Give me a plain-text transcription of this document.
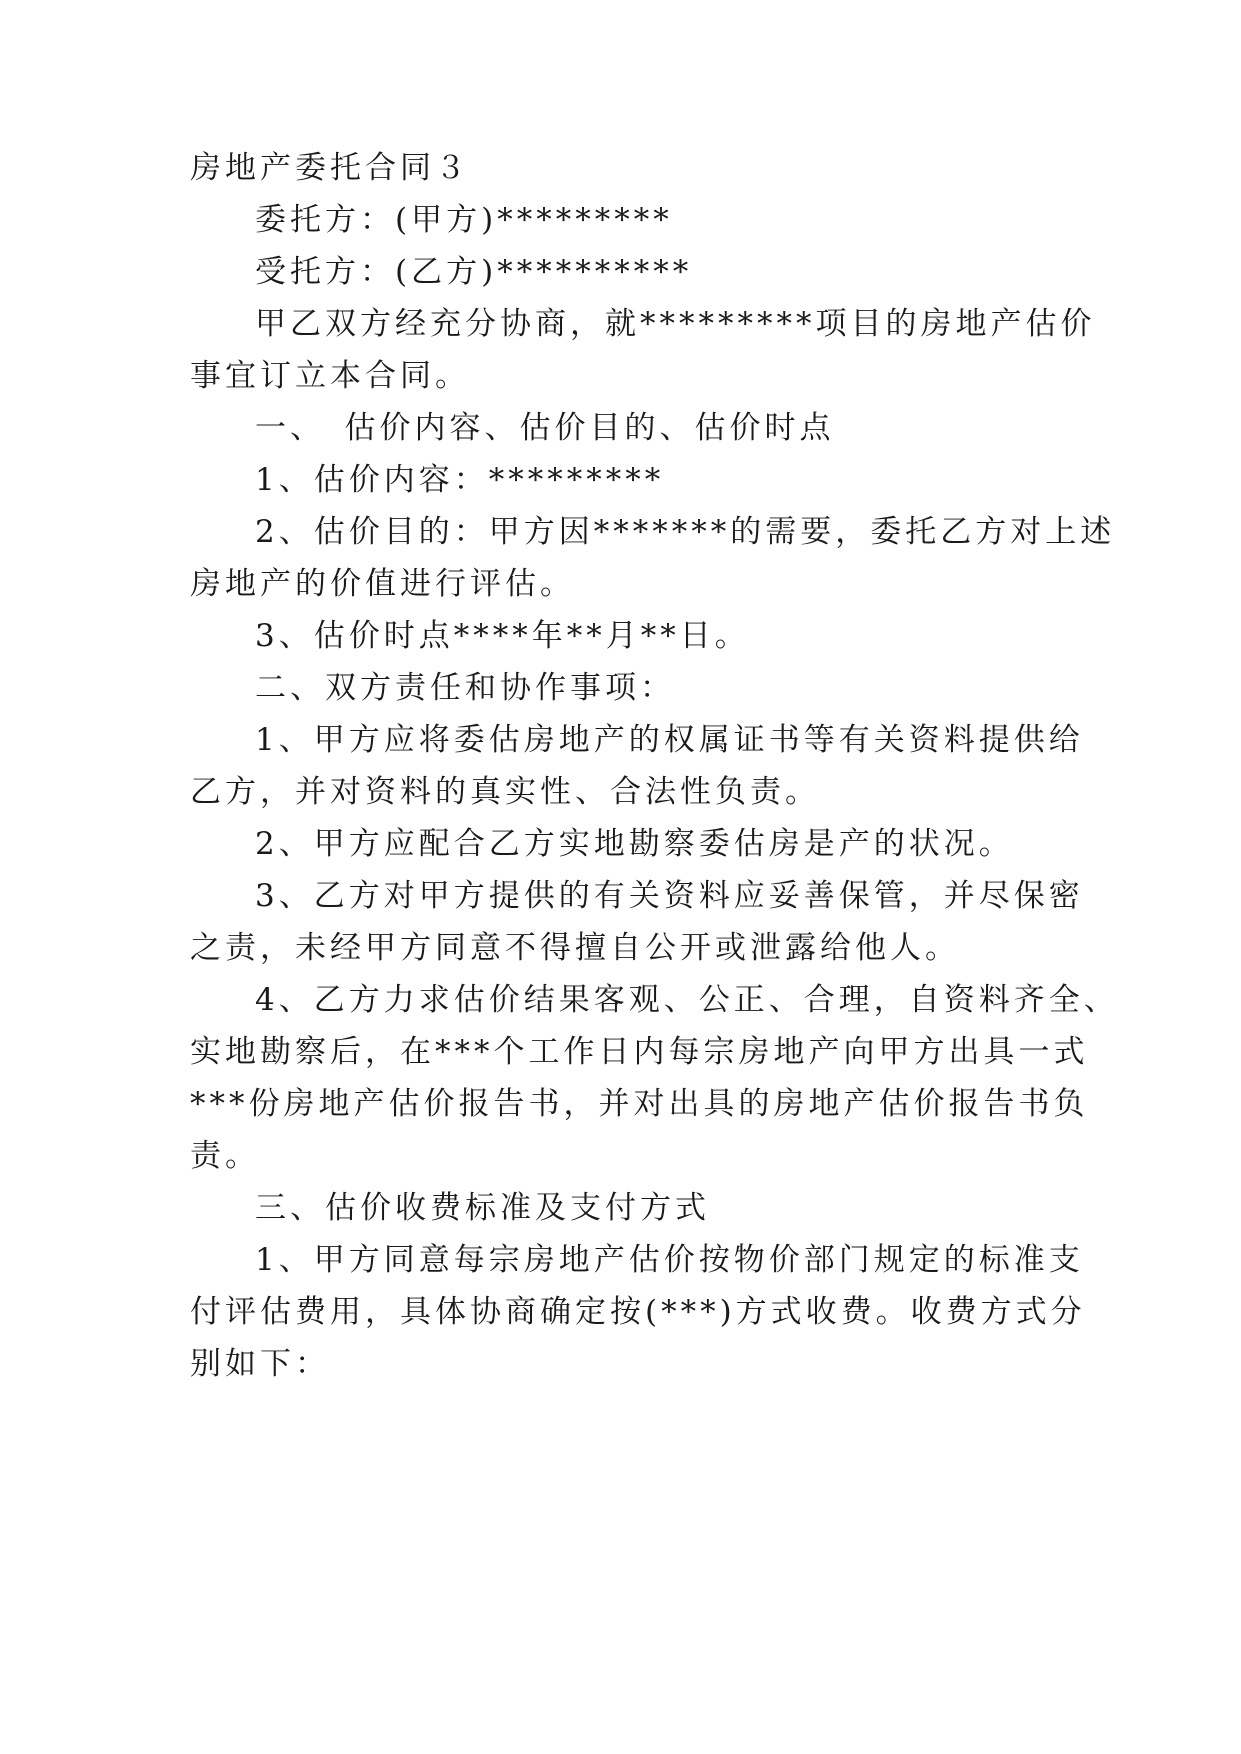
房地产委托合同３
委托方：(甲方)*********
受托方：(乙方)**********
甲乙双方经充分协商，就*********项目的房地产估价
事宜订立本合同。
一、　估价内容、估价目的、估价时点
1、估价内容：*********
2、估价目的：甲方因*******的需要，委托乙方对上述
房地产的价值进行评估。
3、估价时点****年**月**日。
二、双方责任和协作事项：
1、甲方应将委估房地产的权属证书等有关资料提供给
乙方，并对资料的真实性、合法性负责。
2、甲方应配合乙方实地勘察委估房是产的状况。
3、乙方对甲方提供的有关资料应妥善保管，并尽保密
之责，未经甲方同意不得擅自公开或泄露给他人。
4、乙方力求估价结果客观、公正、合理，自资料齐全、
实地勘察后，在***个工作日内每宗房地产向甲方出具一式
***份房地产估价报告书，并对出具的房地产估价报告书负
责。
三、估价收费标准及支付方式
1、甲方同意每宗房地产估价按物价部门规定的标准支
付评估费用，具体协商确定按(***)方式收费。收费方式分
别如下：
